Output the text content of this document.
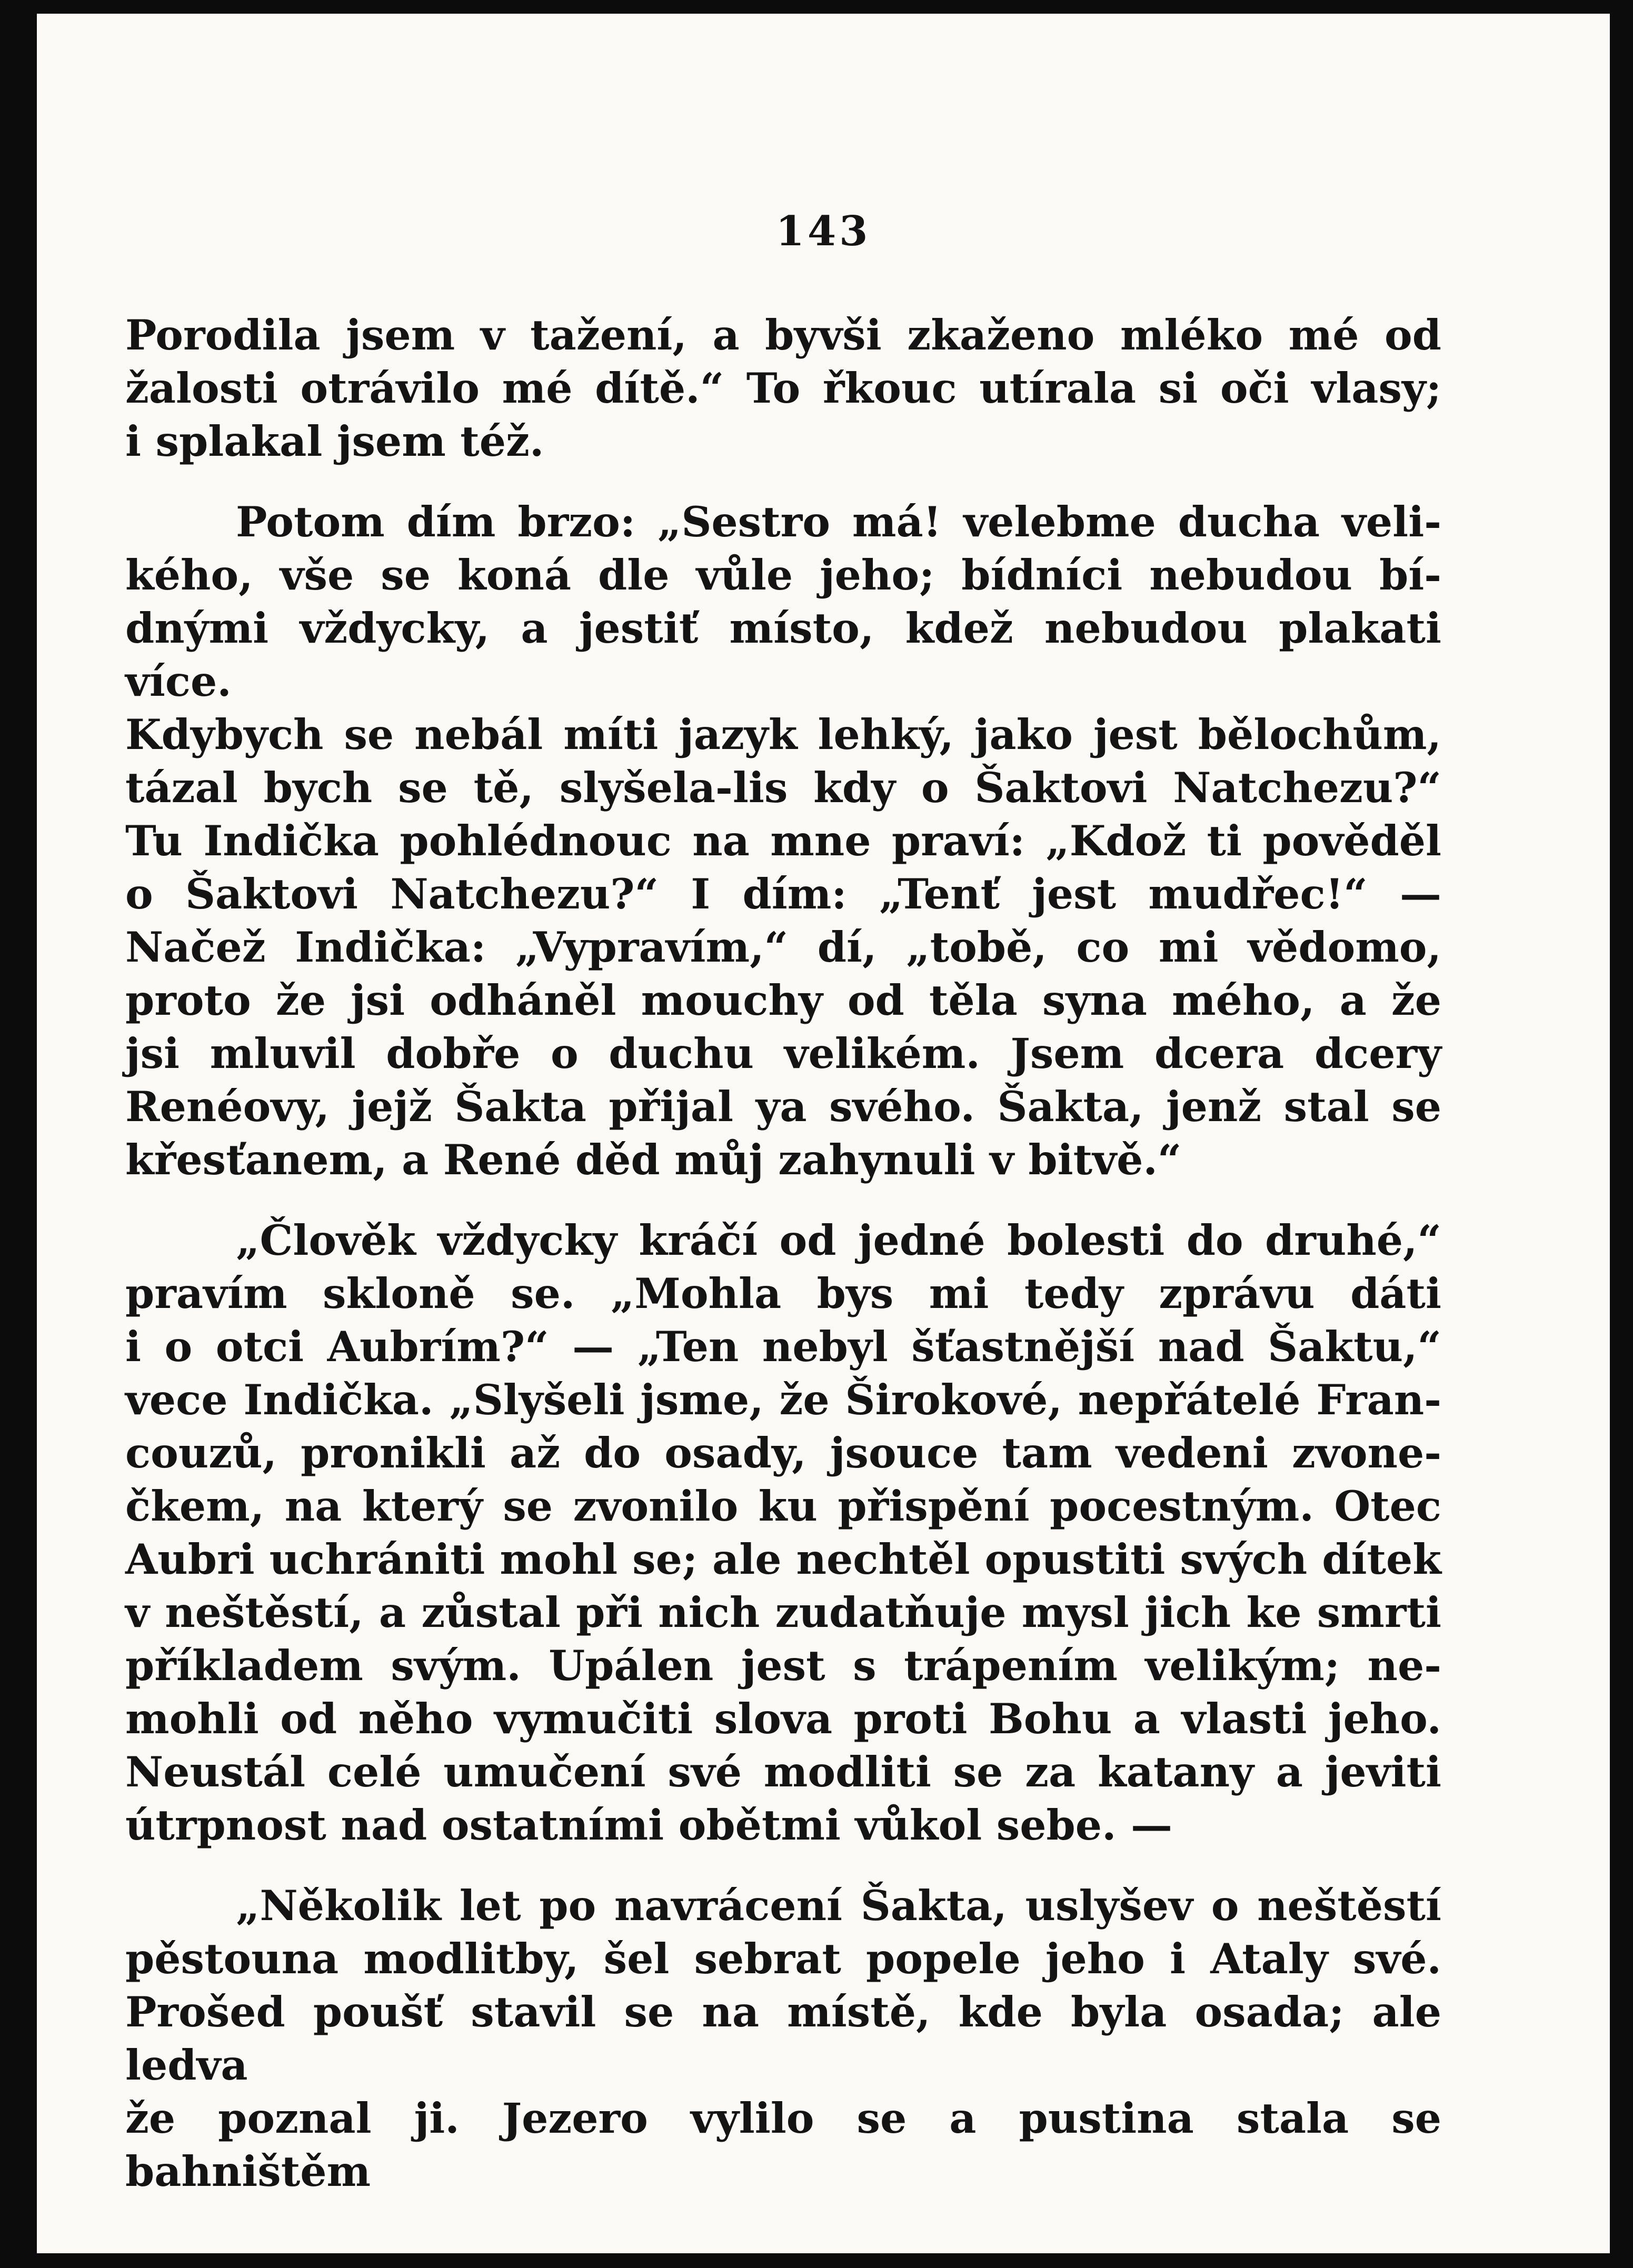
143

Porodila jsem v tažení, a byvši zkaženo mléko mé od
žalosti otrávilo mé dítě.“ To řkouc utírala si oči vlasy;
i splakal jsem též.
Potom dím brzo: „Sestro má! velebme ducha veli-
kého, vše se koná dle vůle jeho; bídníci nebudou bí-
dnými vždycky, a jestiť místo, kdež nebudou plakati více.
Kdybych se nebál míti jazyk lehký, jako jest bělochům,
tázal bych se tě, slyšela-lis kdy o Šaktovi Natchezu?“
Tu Indička pohlédnouc na mne praví: „Kdož ti pověděl
o Šaktovi Natchezu?“ I dím: „Tenť jest mudřec!“ —
Načež Indička: „Vypravím,“ dí, „tobě, co mi vědomo,
proto že jsi odháněl mouchy od těla syna mého, a že
jsi mluvil dobře o duchu velikém. Jsem dcera dcery
Renéovy, jejž Šakta přijal ya svého. Šakta, jenž stal se
křesťanem, a René děd můj zahynuli v bitvě.“
„Člověk vždycky kráčí od jedné bolesti do druhé,“
pravím skloně se. „Mohla bys mi tedy zprávu dáti
i o otci Aubrím?“ — „Ten nebyl šťastnější nad Šaktu,“
vece Indička. „Slyšeli jsme, že Širokové, nepřátelé Fran-
couzů, pronikli až do osady, jsouce tam vedeni zvone-
čkem, na který se zvonilo ku přispění pocestným. Otec
Aubri uchrániti mohl se; ale nechtěl opustiti svých dítek
v neštěstí, a zůstal při nich zudatňuje mysl jich ke smrti
příkladem svým. Upálen jest s trápením velikým; ne-
mohli od něho vymučiti slova proti Bohu a vlasti jeho.
Neustál celé umučení své modliti se za katany a jeviti
útrpnost nad ostatními obětmi vůkol sebe. —
„Několik let po navrácení Šakta, uslyšev o neštěstí
pěstouna modlitby, šel sebrat popele jeho i Ataly své.
Prošed poušť stavil se na místě, kde byla osada; ale ledva
že poznal ji. Jezero vylilo se a pustina stala se bahništěm
